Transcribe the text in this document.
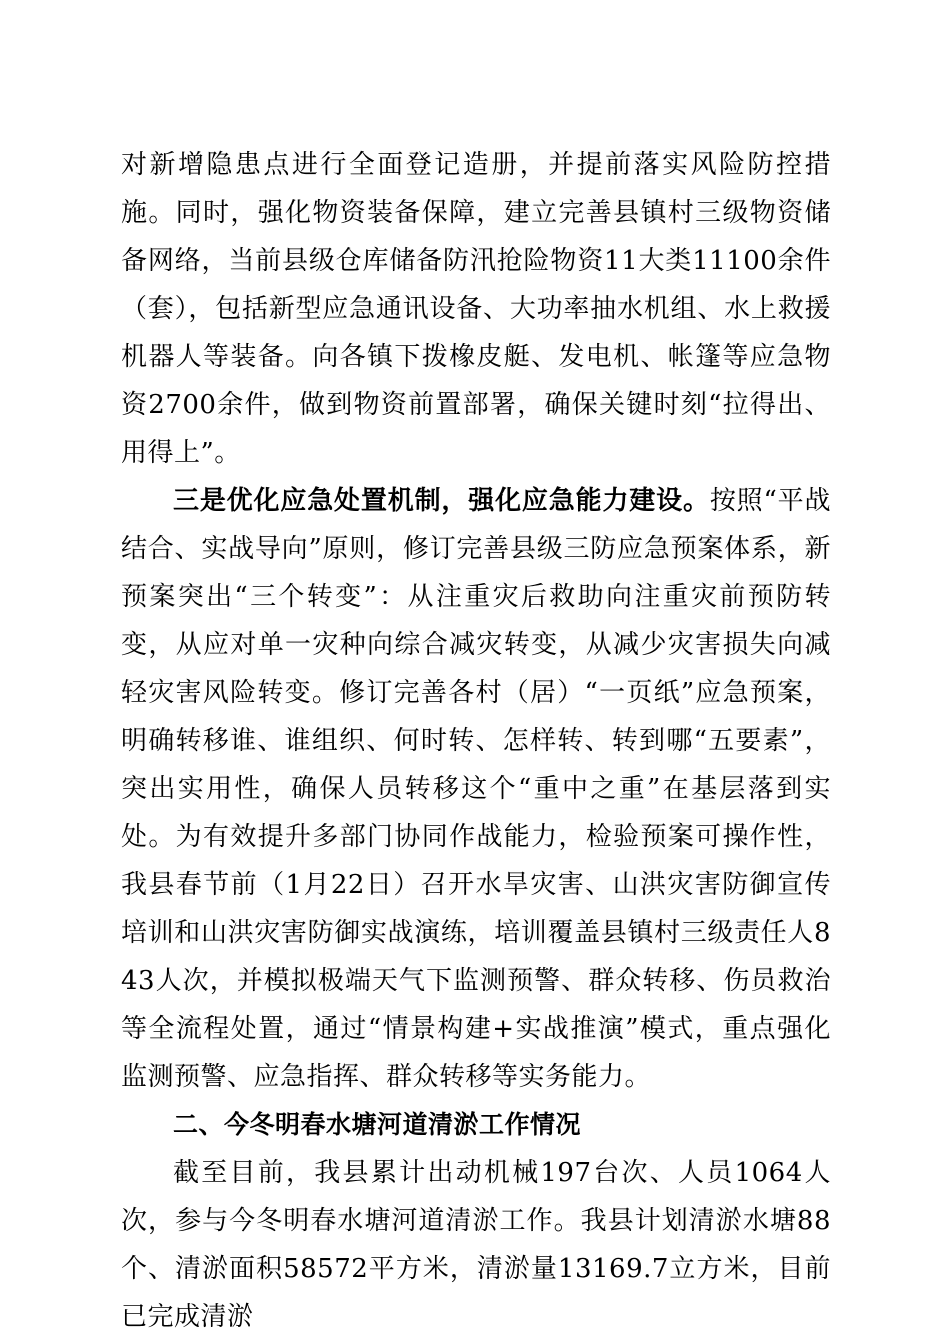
对新增隐患点进行全面登记造册，并提前落实风险防控措施。同时，强化物资装备保障，建立完善县镇村三级物资储备网络，当前县级仓库储备防汛抢险物资11大类11100余件（套），包括新型应急通讯设备、大功率抽水机组、水上救援机器人等装备。向各镇下拨橡皮艇、发电机、帐篷等应急物资2700余件，做到物资前置部署，确保关键时刻“拉得出、用得上”。

三是优化应急处置机制，强化应急能力建设。按照“平战结合、实战导向”原则，修订完善县级三防应急预案体系，新预案突出“三个转变”：从注重灾后救助向注重灾前预防转变，从应对单一灾种向综合减灾转变，从减少灾害损失向减轻灾害风险转变。修订完善各村（居）“一页纸”应急预案，明确转移谁、谁组织、何时转、怎样转、转到哪“五要素”，突出实用性，确保人员转移这个“重中之重”在基层落到实处。为有效提升多部门协同作战能力，检验预案可操作性，我县春节前（1月22日）召开水旱灾害、山洪灾害防御宣传培训和山洪灾害防御实战演练，培训覆盖县镇村三级责任人843人次，并模拟极端天气下监测预警、群众转移、伤员救治等全流程处置，通过“情景构建+实战推演”模式，重点强化监测预警、应急指挥、群众转移等实务能力。

二、今冬明春水塘河道清淤工作情况

截至目前，我县累计出动机械197台次、人员1064人次，参与今冬明春水塘河道清淤工作。我县计划清淤水塘88个、清淤面积58572平方米，清淤量13169.7立方米，目前已完成清淤
